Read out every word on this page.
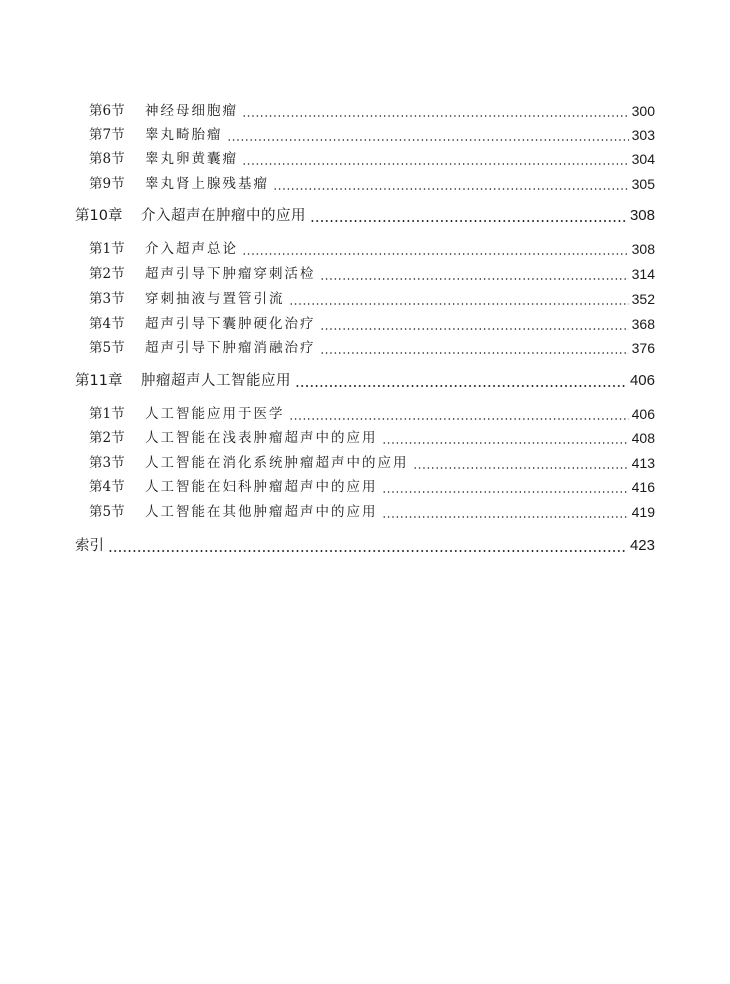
第6节	神经母细胞瘤	300
第7节	睾丸畸胎瘤	303
第8节	睾丸卵黄囊瘤	304
第9节	睾丸肾上腺残基瘤	305
第10章	介入超声在肿瘤中的应用	308
第1节	介入超声总论	308
第2节	超声引导下肿瘤穿刺活检	314
第3节	穿刺抽液与置管引流	352
第4节	超声引导下囊肿硬化治疗	368
第5节	超声引导下肿瘤消融治疗	376
第11章	肿瘤超声人工智能应用	406
第1节	人工智能应用于医学	406
第2节	人工智能在浅表肿瘤超声中的应用	408
第3节	人工智能在消化系统肿瘤超声中的应用	413
第4节	人工智能在妇科肿瘤超声中的应用	416
第5节	人工智能在其他肿瘤超声中的应用	419
索引	423
